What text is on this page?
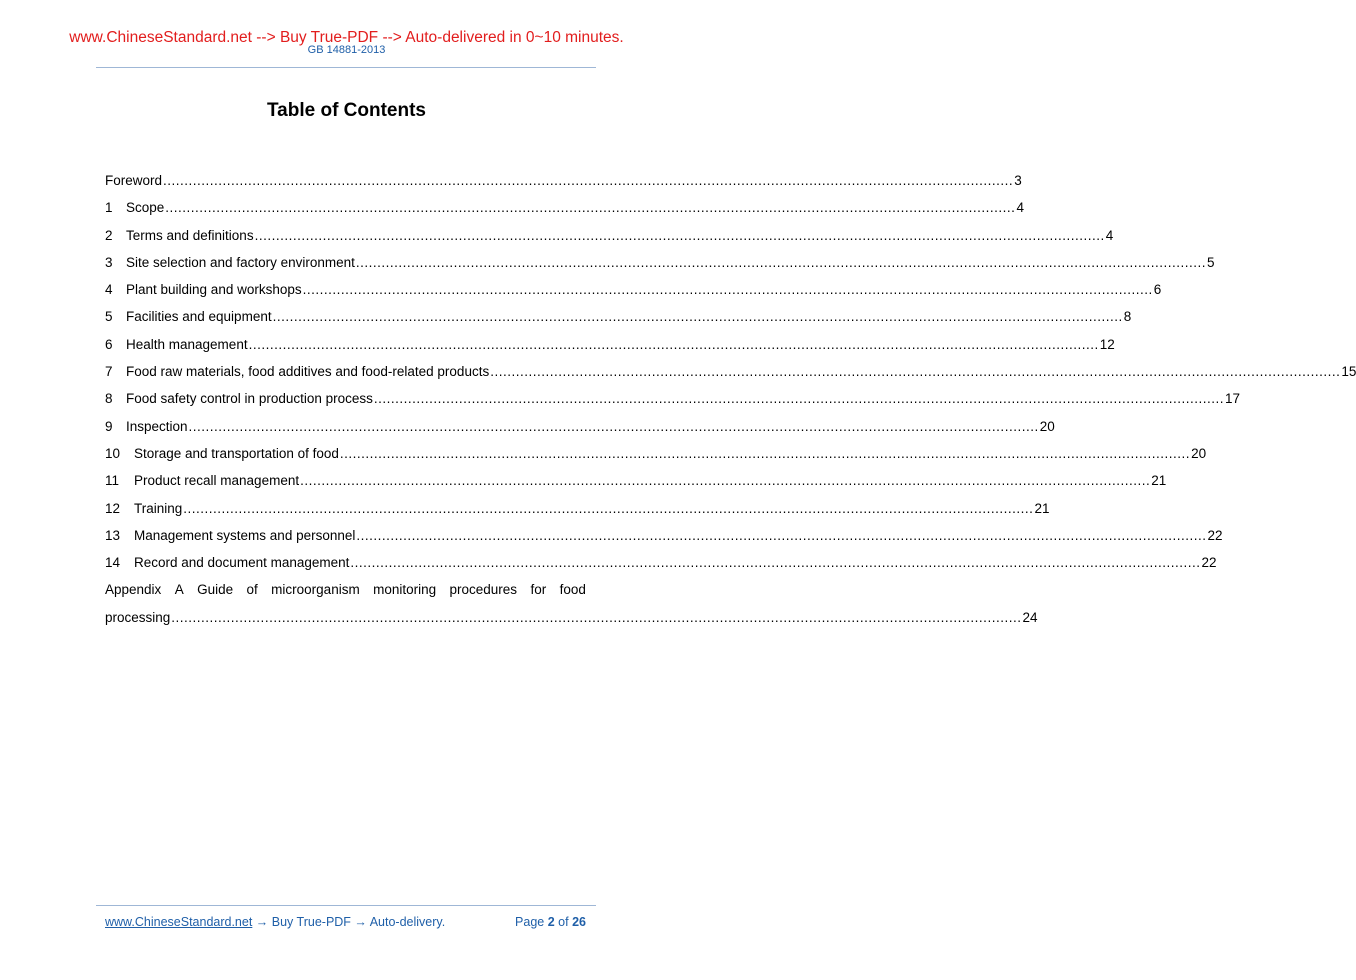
www.ChineseStandard.net --> Buy True-PDF --> Auto-delivered in 0~10 minutes.
GB 14881-2013
Table of Contents
Foreword ........................................................................................................................................................................................................ 3
1 Scope ........................................................................................................................................................................................................ 4
2 Terms and definitions ........................................................................................................................................................................................................ 4
3 Site selection and factory environment ........................................................................................................................................................................................................ 5
4 Plant building and workshops ........................................................................................................................................................................................................ 6
5 Facilities and equipment ........................................................................................................................................................................................................ 8
6 Health management ........................................................................................................................................................................................................ 12
7 Food raw materials, food additives and food-related products ........................................................................................................................................................................................................ 15
8 Food safety control in production process ........................................................................................................................................................................................................ 17
9 Inspection ........................................................................................................................................................................................................ 20
10	Storage and transportation of food ........................................................................................................................................................................................................ 20
11	Product recall management ........................................................................................................................................................................................................ 21
12	Training ........................................................................................................................................................................................................ 21
13	Management systems and personnel ........................................................................................................................................................................................................ 22
14	Record and document management ........................................................................................................................................................................................................ 22
Appendix A Guide of microorganism monitoring procedures for food
processing ........................................................................................................................................................................................................ 24
www.ChineseStandard.net → Buy True-PDF → Auto-delivery.	Page 2 of 26
